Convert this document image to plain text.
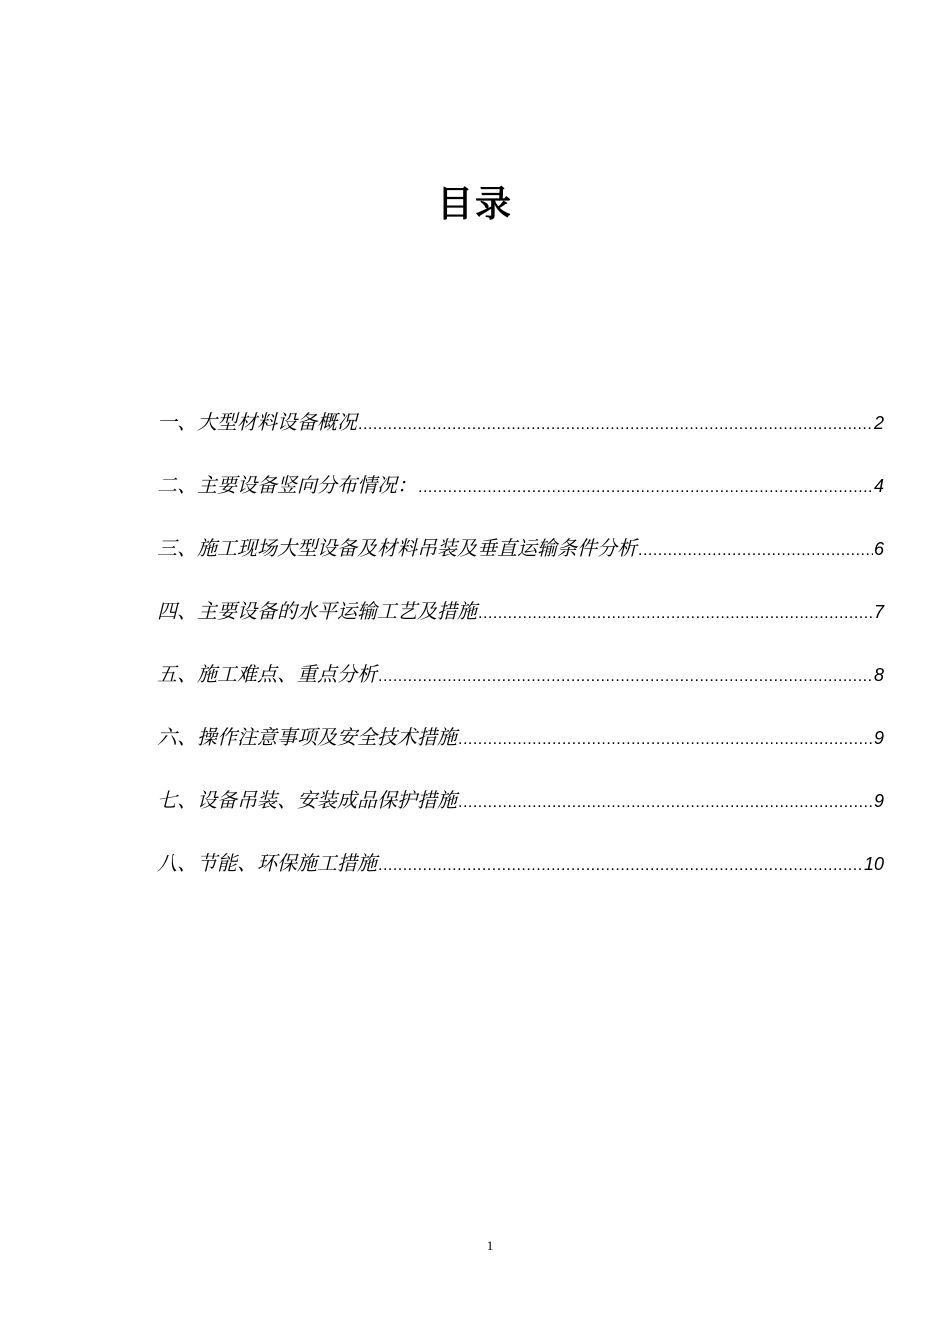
目录
一、大型材料设备概况 .....	2
二、主要设备竖向分布情况： .....	4
三、施工现场大型设备及材料吊装及垂直运输条件分析 .....	6
四、主要设备的水平运输工艺及措施 .....	7
五、施工难点、重点分析 .....	8
六、操作注意事项及安全技术措施 .....	9
七、设备吊装、安装成品保护措施 .....	9
八、节能、环保施工措施 .....	10
1
